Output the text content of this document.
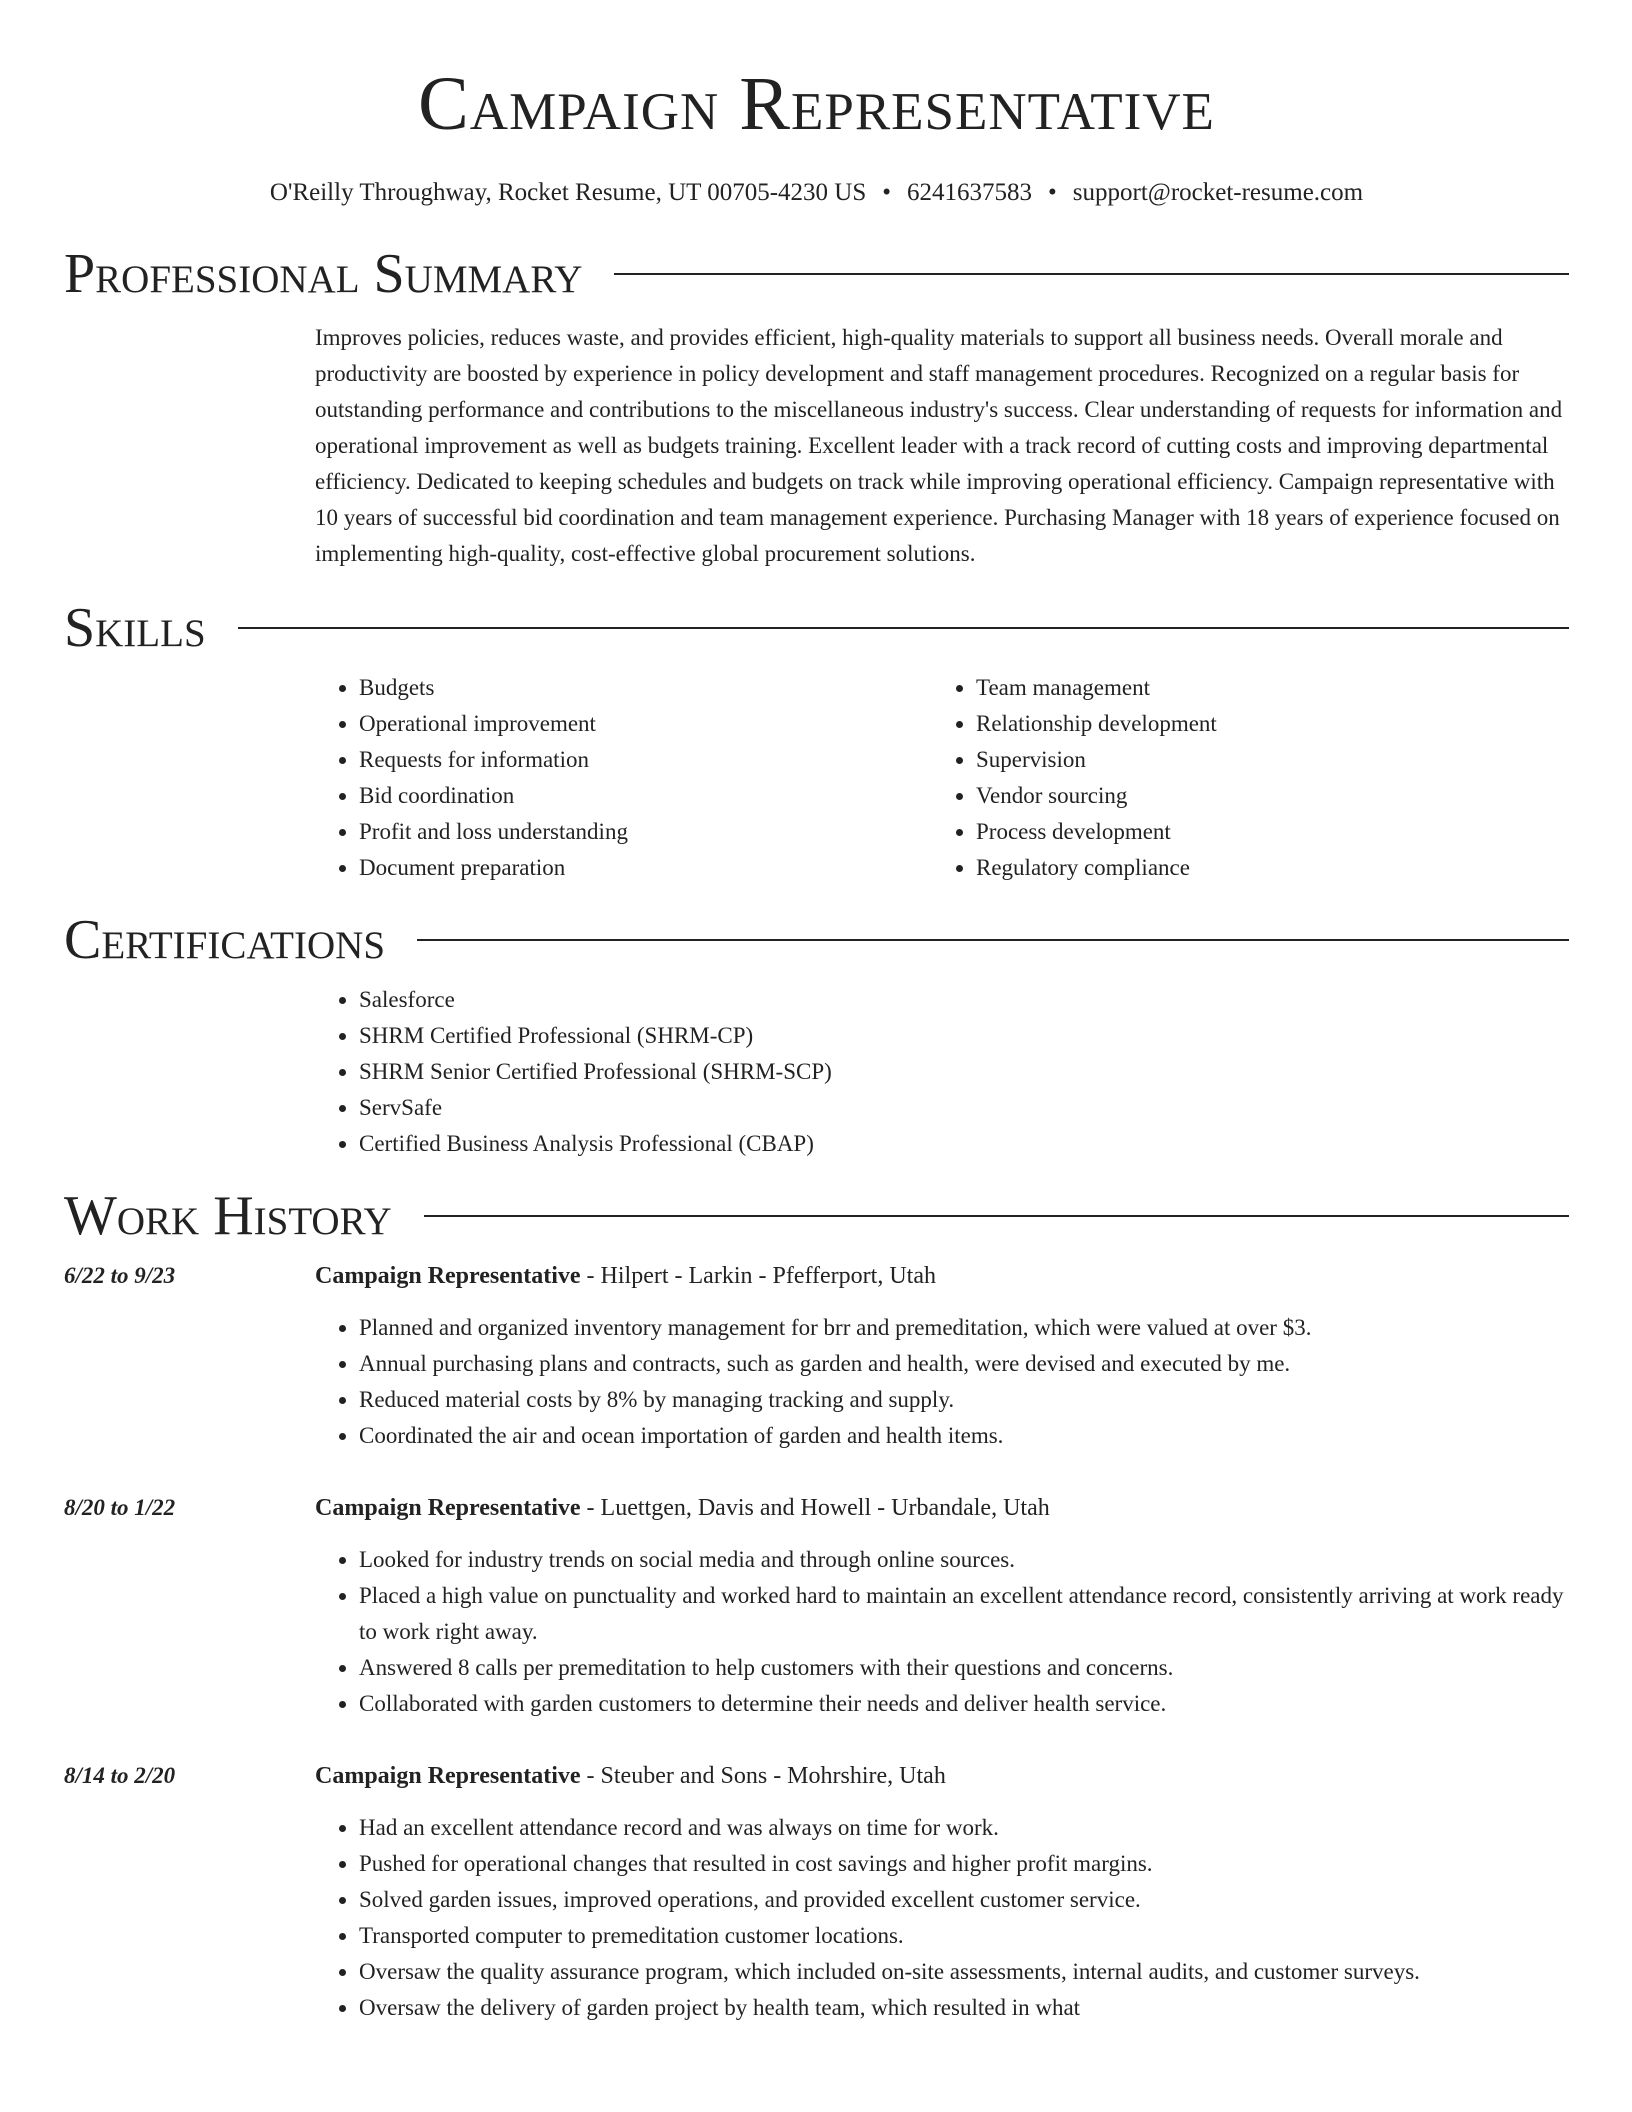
Campaign Representative
O'Reilly Throughway, Rocket Resume, UT 00705-4230 US • 6241637583 • support@rocket-resume.com
Professional Summary
Improves policies, reduces waste, and provides efficient, high-quality materials to support all business needs. Overall morale and productivity are boosted by experience in policy development and staff management procedures. Recognized on a regular basis for outstanding performance and contributions to the miscellaneous industry's success. Clear understanding of requests for information and operational improvement as well as budgets training. Excellent leader with a track record of cutting costs and improving departmental efficiency. Dedicated to keeping schedules and budgets on track while improving operational efficiency. Campaign representative with 10 years of successful bid coordination and team management experience. Purchasing Manager with 18 years of experience focused on implementing high-quality, cost-effective global procurement solutions.
Skills
• Budgets
• Operational improvement
• Requests for information
• Bid coordination
• Profit and loss understanding
• Document preparation
• Team management
• Relationship development
• Supervision
• Vendor sourcing
• Process development
• Regulatory compliance
Certifications
• Salesforce
• SHRM Certified Professional (SHRM-CP)
• SHRM Senior Certified Professional (SHRM-SCP)
• ServSafe
• Certified Business Analysis Professional (CBAP)
Work History
6/22 to 9/23	Campaign Representative - Hilpert - Larkin - Pfefferport, Utah
• Planned and organized inventory management for brr and premeditation, which were valued at over $3.
• Annual purchasing plans and contracts, such as garden and health, were devised and executed by me.
• Reduced material costs by 8% by managing tracking and supply.
• Coordinated the air and ocean importation of garden and health items.
8/20 to 1/22	Campaign Representative - Luettgen, Davis and Howell - Urbandale, Utah
• Looked for industry trends on social media and through online sources.
• Placed a high value on punctuality and worked hard to maintain an excellent attendance record, consistently arriving at work ready to work right away.
• Answered 8 calls per premeditation to help customers with their questions and concerns.
• Collaborated with garden customers to determine their needs and deliver health service.
8/14 to 2/20	Campaign Representative - Steuber and Sons - Mohrshire, Utah
• Had an excellent attendance record and was always on time for work.
• Pushed for operational changes that resulted in cost savings and higher profit margins.
• Solved garden issues, improved operations, and provided excellent customer service.
• Transported computer to premeditation customer locations.
• Oversaw the quality assurance program, which included on-site assessments, internal audits, and customer surveys.
• Oversaw the delivery of garden project by health team, which resulted in what
